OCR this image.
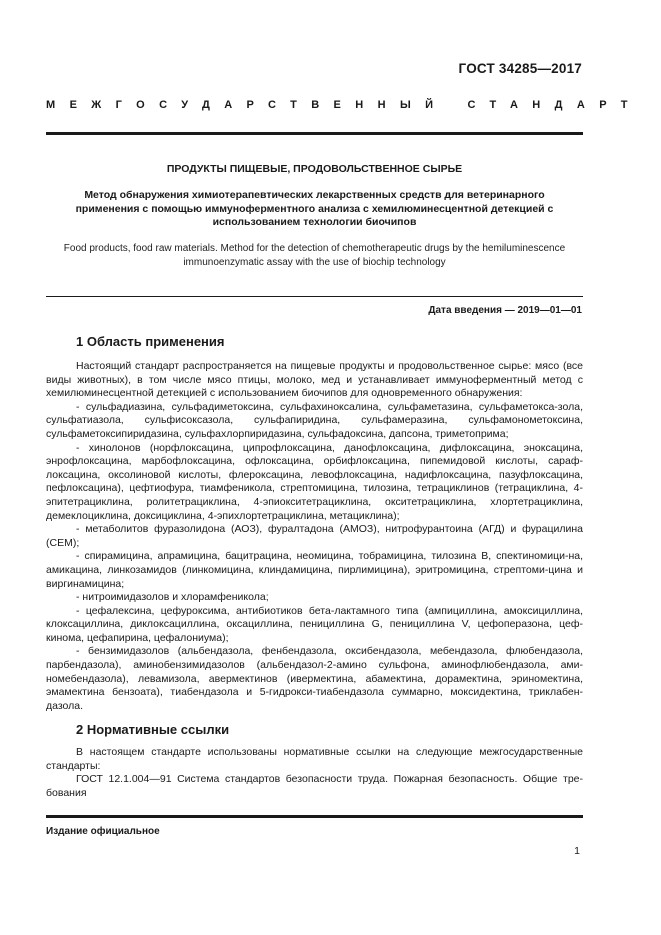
ГОСТ 34285—2017
МЕЖГОСУДАРСТВЕННЫЙ СТАНДАРТ
ПРОДУКТЫ ПИЩЕВЫЕ, ПРОДОВОЛЬСТВЕННОЕ СЫРЬЕ
Метод обнаружения химиотерапевтических лекарственных средств для ветеринарного применения с помощью иммуноферментного анализа с хемилюминесцентной детекцией с использованием технологии биочипов
Food products, food raw materials. Method for the detection of chemotherapeutic drugs by the hemiluminescence immunoenzymatic assay with the use of biochip technology
Дата введения — 2019—01—01
1 Область применения

Настоящий стандарт распространяется на пищевые продукты и продовольственное сырье: мясо (все виды животных), в том числе мясо птицы, молоко, мед и устанавливает иммуноферментный метод с хемилюминесцентной детекцией с использованием биочипов для одновременного обнаружения:

- сульфадиазина, сульфадиметоксина, сульфахиноксалина, сульфаметазина, сульфаметокса-зола, сульфатиазола, сульфисоксазола, сульфапиридина, сульфамеразина, сульфамонометоксина, сульфаметоксипиридазина, сульфахлорпиридазина, сульфадоксина, дапсона, триметоприма;

- хинолонов (норфлоксацина, ципрофлоксацина, данофлоксацина, дифлоксацина, эноксацина, энрофлоксацина, марбофлоксацина, офлоксацина, орбифлоксацина, пипемидовой кислоты, сараф-локсацина, оксолиновой кислоты, флероксацина, левофлоксацина, надифлоксацина, пазуфлоксацина, пефлоксацина), цефтиофура, тиамфеникола, стрептомицина, тилозина, тетрациклинов (тетрациклина, 4-эпитетрациклина, ролитетрациклина, 4-эпиокситетрациклина, окситетрациклина, хлортетрациклина, демеклоциклина, доксициклина, 4-эпихлортетрациклина, метациклина);

- метаболитов фуразолидона (АОЗ), фуралтадона (АМОЗ), нитрофурантоина (АГД) и фурацилина (СЕМ);

- спирамицина, апрамицина, бацитрацина, неомицина, тобрамицина, тилозина В, спектиномици-на, амикацина, линкозамидов (линкомицина, клиндамицина, пирлимицина), эритромицина, стрептоми-цина и виргинамицина;

- нитроимидазолов и хлорамфеникола;

- цефалексина, цефуроксима, антибиотиков бета-лактамного типа (ампициллина, амоксициллина, клоксациллина, диклоксациллина, оксациллина, пенициллина G, пенициллина V, цефоперазона, цеф-кинома, цефапирина, цефалониума);

- бензимидазолов (альбендазола, фенбендазола, оксибендазола, мебендазола, флюбендазола, парбендазола), аминобензимидазолов (альбендазол-2-амино сульфона, аминофлюбендазола, ами-номебендазола), левамизола, авермектинов (ивермектина, абамектина, дорамектина, эриномектина, эмамектина бензоата), тиабендазола и 5-гидрокси-тиабендазола суммарно, моксидектина, триклабен-дазола.

2 Нормативные ссылки

В настоящем стандарте использованы нормативные ссылки на следующие межгосударственные стандарты:

ГОСТ 12.1.004—91 Система стандартов безопасности труда. Пожарная безопасность. Общие тре-бования

Издание официальное
1
